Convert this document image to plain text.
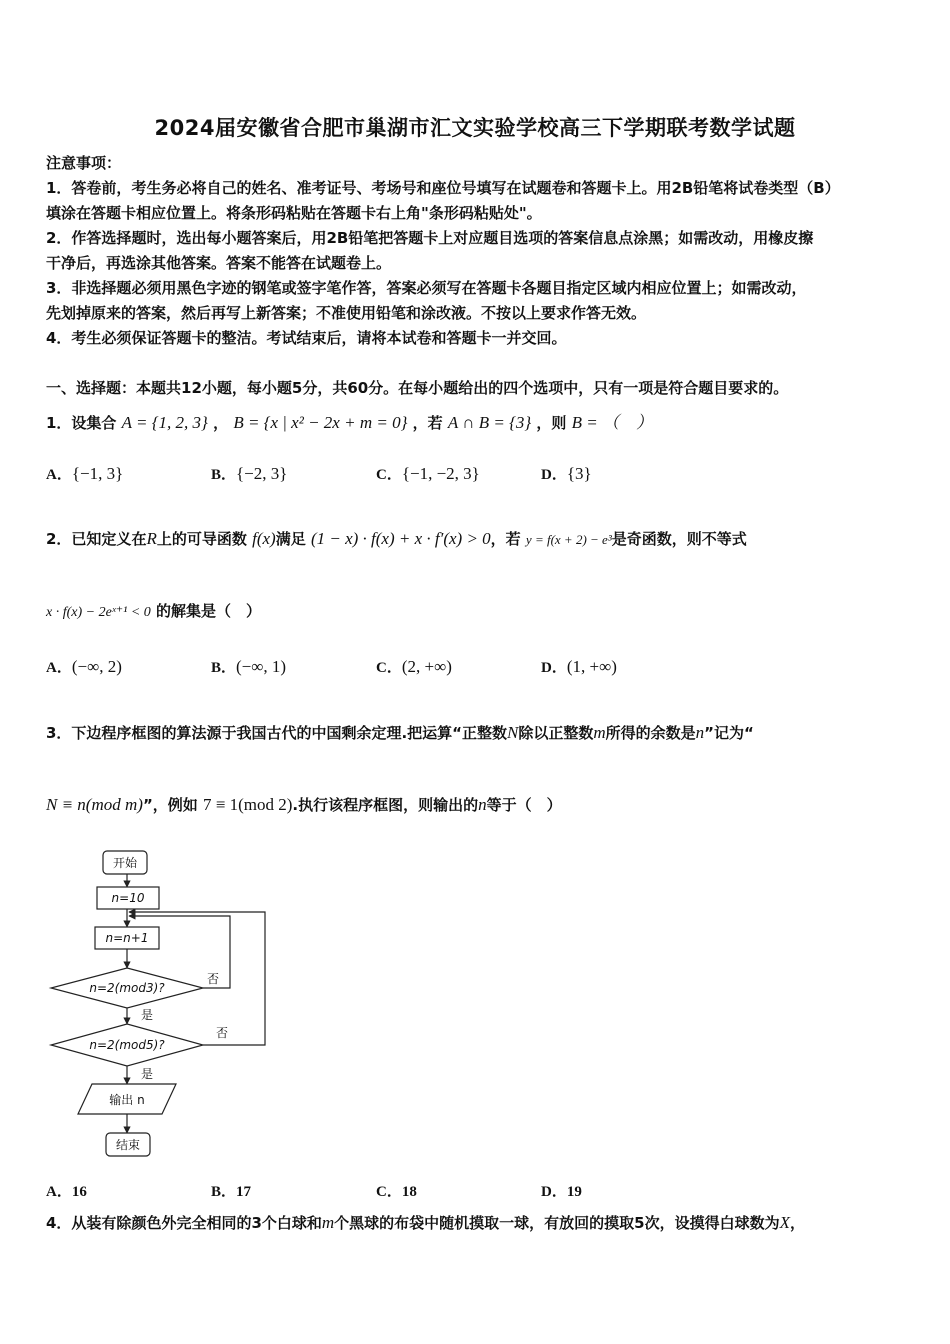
2024届安徽省合肥市巢湖市汇文实验学校高三下学期联考数学试题
注意事项：
1．答卷前，考生务必将自己的姓名、准考证号、考场号和座位号填写在试题卷和答题卡上。用2B铅笔将试卷类型（B）
填涂在答题卡相应位置上。将条形码粘贴在答题卡右上角"条形码粘贴处"。
2．作答选择题时，选出每小题答案后，用2B铅笔把答题卡上对应题目选项的答案信息点涂黑；如需改动，用橡皮擦
干净后，再选涂其他答案。答案不能答在试题卷上。
3．非选择题必须用黑色字迹的钢笔或签字笔作答，答案必须写在答题卡各题目指定区域内相应位置上；如需改动，
先划掉原来的答案，然后再写上新答案；不准使用铅笔和涂改液。不按以上要求作答无效。
4．考生必须保证答题卡的整洁。考试结束后，请将本试卷和答题卡一并交回。
一、选择题：本题共12小题，每小题5分，共60分。在每小题给出的四个选项中，只有一项是符合题目要求的。
1．设集合 A = {1, 2, 3} ， B = {x | x² − 2x + m = 0} ，若 A ∩ B = {3} ，则 B = （　）
A．{−1, 3}	B．{−2, 3}	C．{−1, −2, 3}	D．{3}
2．已知定义在R上的可导函数 f(x)满足 (1 − x) · f(x) + x · f′(x) > 0，若 y = f(x + 2) − e³是奇函数，则不等式
x · f(x) − 2eˣ⁺¹ < 0 的解集是（　）
A．(−∞, 2)	B．(−∞, 1)	C．(2, +∞)	D．(1, +∞)
3．下边程序框图的算法源于我国古代的中国剩余定理.把运算“正整数N除以正整数m所得的余数是n”记为“
N ≡ n(mod m)”，例如 7 ≡ 1(mod 2).执行该程序框图，则输出的n等于（　）
开始
n=10
n=n+1
n=2(mod3)?
n=2(mod5)?
是
是
否
否
输出 n
结束
A．16	B．17	C．18	D．19
4．从装有除颜色外完全相同的3个白球和m个黑球的布袋中随机摸取一球，有放回的摸取5次，设摸得白球数为X，
